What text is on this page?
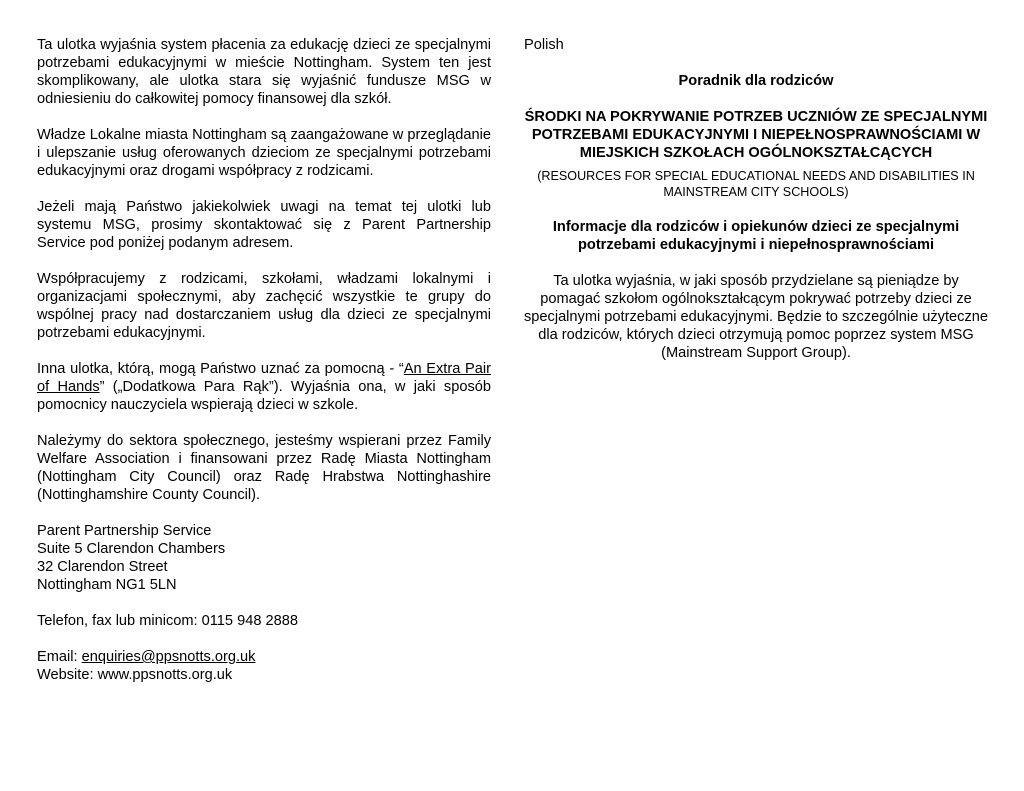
Ta ulotka wyjaśnia system płacenia za edukację dzieci ze specjalnymi potrzebami edukacyjnymi w mieście Nottingham. System ten jest skomplikowany, ale ulotka stara się wyjaśnić fundusze MSG w odniesieniu do całkowitej pomocy finansowej dla szkół.

Władze Lokalne miasta Nottingham są zaangażowane w przeglądanie i ulepszanie usług oferowanych dzieciom ze specjalnymi potrzebami edukacyjnymi oraz drogami współpracy z rodzicami.

Jeżeli mają Państwo jakiekolwiek uwagi na temat tej ulotki lub systemu MSG, prosimy skontaktować się z Parent Partnership Service pod poniżej podanym adresem.

Współpracujemy z rodzicami, szkołami, władzami lokalnymi i organizacjami społecznymi, aby zachęcić wszystkie te grupy do wspólnej pracy nad dostarczaniem usług dla dzieci ze specjalnymi potrzebami edukacyjnymi.

Inna ulotka, którą, mogą Państwo uznać za pomocną - “An Extra Pair of Hands” („Dodatkowa Para Rąk”). Wyjaśnia ona, w jaki sposób pomocnicy nauczyciela wspierają dzieci w szkole.

Należymy do sektora społecznego, jesteśmy wspierani przez Family Welfare Association i finansowani przez Radę Miasta Nottingham (Nottingham City Council) oraz Radę Hrabstwa Nottinghashire (Nottinghamshire County Council).

Parent Partnership Service
Suite 5 Clarendon Chambers
32 Clarendon Street
Nottingham NG1 5LN

Telefon, fax lub minicom: 0115 948 2888

Email: enquiries@ppsnotts.org.uk
Website: www.ppsnotts.org.uk
Polish
Poradnik dla rodziców
ŚRODKI NA POKRYWANIE POTRZEB UCZNIÓW ZE SPECJALNYMI POTRZEBAMI EDUKACYJNYMI I NIEPEŁNOSPRAWNOŚCIAMI W MIEJSKICH SZKOŁACH OGÓLNOKSZTAŁCĄCYCH
(RESOURCES FOR SPECIAL EDUCATIONAL NEEDS AND DISABILITIES IN MAINSTREAM CITY SCHOOLS)
Informacje dla rodziców i opiekunów dzieci ze specjalnymi potrzebami edukacyjnymi i niepełnosprawnościami
Ta ulotka wyjaśnia, w jaki sposób przydzielane są pieniądze by pomagać szkołom ogólnokształcącym pokrywać potrzeby dzieci ze specjalnymi potrzebami edukacyjnymi. Będzie to szczególnie użyteczne dla rodziców, których dzieci otrzymują pomoc poprzez system MSG (Mainstream Support Group).
